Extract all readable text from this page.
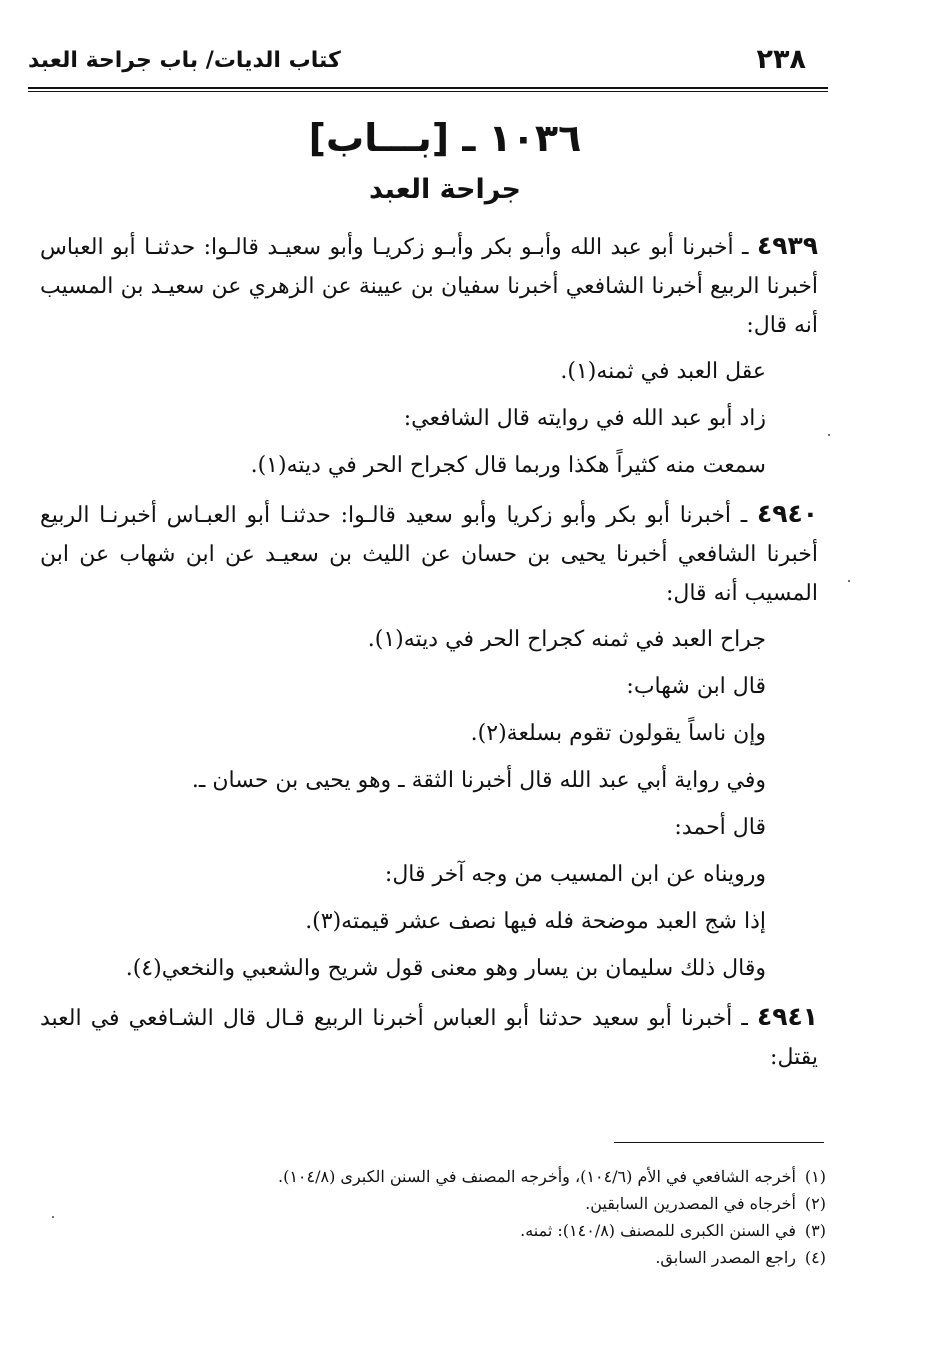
٢٣٨
كتاب الديات/ باب جراحة العبد
١٠٣٦ ـ [بـــاب]
جراحة العبد

٤٩٣٩ ـ أخبرنا أبو عبد الله وأبـو بكر وأبـو زكريـا وأبو سعيـد قالـوا: حدثنـا أبو العباس أخبرنا الربيع أخبرنا الشافعي أخبرنا سفيان بن عيينة عن الزهري عن سعيـد بن المسيب أنه قال:

عقل العبد في ثمنه(١).

زاد أبو عبد الله في روايته قال الشافعي:

سمعت منه كثيراً هكذا وربما قال كجراح الحر في ديته(١).

٤٩٤٠ ـ أخبرنا أبو بكر وأبو زكريا وأبو سعيد قالـوا: حدثنـا أبو العبـاس أخبرنـا الربيع أخبرنا الشافعي أخبرنا يحيى بن حسان عن الليث بن سعيـد عن ابن شهاب عن ابن المسيب أنه قال:

جراح العبد في ثمنه كجراح الحر في ديته(١).

قال ابن شهاب:

وإن ناساً يقولون تقوم بسلعة(٢).

وفي رواية أبي عبد الله قال أخبرنا الثقة ـ وهو يحيى بن حسان ـ.

قال أحمد:

ورويناه عن ابن المسيب من وجه آخر قال:

إذا شج العبد موضحة فله فيها نصف عشر قيمته(٣).

وقال ذلك سليمان بن يسار وهو معنى قول شريح والشعبي والنخعي(٤).

٤٩٤١ ـ أخبرنا أبو سعيد حدثنا أبو العباس أخبرنا الربيع قـال قال الشـافعي في العبد يقتل:

(١)أخرجه الشافعي في الأم (١٠٤/٦)، وأخرجه المصنف في السنن الكبرى (١٠٤/٨).
(٢)أخرجاه في المصدرين السابقين.
(٣)في السنن الكبرى للمصنف (١٤٠/٨): ثمنه.
(٤)راجع المصدر السابق.
